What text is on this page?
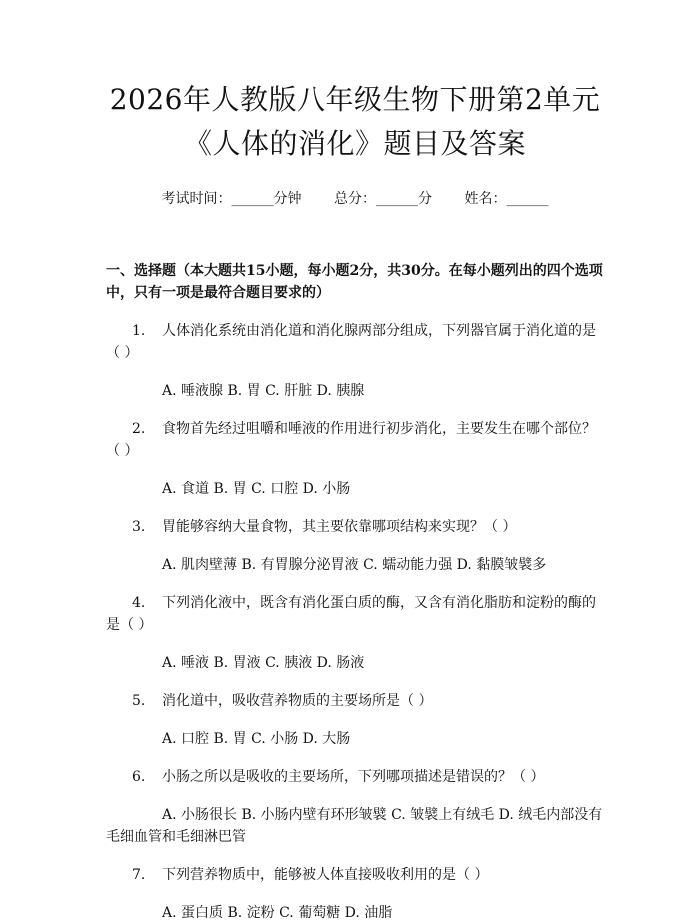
2026年人教版八年级生物下册第2单元《人体的消化》题目及答案
考试时间：______分钟 总分：______分 姓名：______
一、选择题（本大题共15小题，每小题2分，共30分。在每小题列出的四个选项中，只有一项是最符合题目要求的）
1. 人体消化系统由消化道和消化腺两部分组成，下列器官属于消化道的是（ ）
A. 唾液腺 B. 胃 C. 肝脏 D. 胰腺
2. 食物首先经过咀嚼和唾液的作用进行初步消化，主要发生在哪个部位？（ ）
A. 食道 B. 胃 C. 口腔 D. 小肠
3. 胃能够容纳大量食物，其主要依靠哪项结构来实现？（ ）
A. 肌肉壁薄 B. 有胃腺分泌胃液 C. 蠕动能力强 D. 黏膜皱襞多
4. 下列消化液中，既含有消化蛋白质的酶，又含有消化脂肪和淀粉的酶的是（ ）
A. 唾液 B. 胃液 C. 胰液 D. 肠液
5. 消化道中，吸收营养物质的主要场所是（ ）
A. 口腔 B. 胃 C. 小肠 D. 大肠
6. 小肠之所以是吸收的主要场所，下列哪项描述是错误的？（ ）
A. 小肠很长 B. 小肠内壁有环形皱襞 C. 皱襞上有绒毛 D. 绒毛内部没有毛细血管和毛细淋巴管
7. 下列营养物质中，能够被人体直接吸收利用的是（ ）
A. 蛋白质 B. 淀粉 C. 葡萄糖 D. 油脂
